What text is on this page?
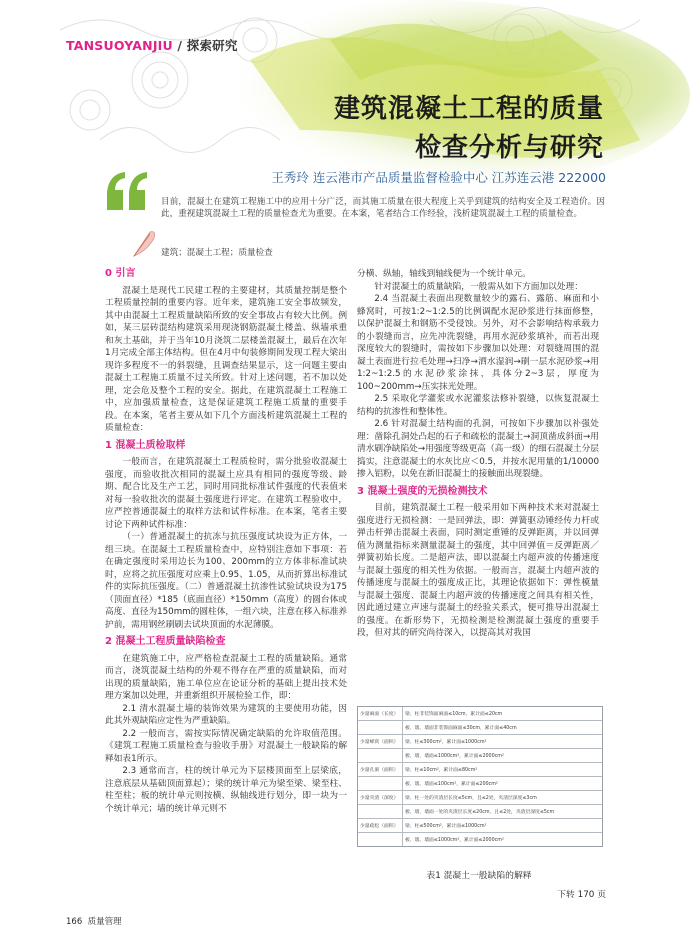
TANSUOYANJIU / 探索研究
建筑混凝土工程的质量
检查分析与研究
王秀玲 连云港市产品质量监督检验中心 江苏连云港 222000
目前，混凝土在建筑工程施工中的应用十分广泛，而其施工质量在很大程度上关乎到建筑的结构安全及工程造价。因此，重视建筑混凝土工程的质量检查尤为重要。在本案，笔者结合工作经验，浅析建筑混凝土工程的质量检查。
建筑；混凝土工程；质量检查
0 引言

混凝土是现代工民建工程的主要建材，其质量控制是整个工程质量控制的重要内容。近年来，建筑施工安全事故频发，其中由混凝土工程质量缺陷所致的安全事故占有较大比例。例如，某三层砖混结构建筑采用现浇钢筋混凝土楼盖、纵墙承重和灰土基础，并于当年10月浇筑二层楼盖混凝土，最后在次年1月完成全部主体结构。但在4月中旬装修期间发现工程大梁出现许多程度不一的斜裂缝，且调查结果显示，这一问题主要由混凝土工程施工质量不过关所致。针对上述问题，若不加以处理，定会危及整个工程的安全。据此，在建筑混凝土工程施工中，应加强质量检查，这是保证建筑工程施工质量的重要手段。在本案，笔者主要从如下几个方面浅析建筑混凝土工程的质量检查：

1 混凝土质检取样

一般而言，在建筑混凝土工程质检时，需分批验收混凝土强度，而验收批次相同的混凝土应具有相同的强度等级、龄期、配合比及生产工艺，同时用同批标准试件强度的代表值来对每一验收批次的混凝土强度进行评定。在建筑工程验收中，应严控普通混凝土的取样方法和试件标准。在本案，笔者主要讨论下两种试件标准：

（一）普通混凝土的抗冻与抗压强度试块设为正方体，一组三块。在混凝土工程质量检查中，应特别注意如下事项：若在确定强度时采用边长为100、200mm的立方体非标准试块时，应将之抗压强度对应乘上0.95、1.05，从而折算出标准试件的实际抗压强度。（二）普通混凝土抗渗性试验试块设为175（顶面直径）*185（底面直径）*150mm（高度）的圆台体或高度、直径为150mm的圆柱体，一组六块，注意在移入标准养护前，需用钢丝刷刷去试块顶面的水泥薄膜。

2 混凝土工程质量缺陷检查

在建筑施工中，应严格检查混凝土工程的质量缺陷。通常而言，浇筑混凝土结构的外观不得存在严重的质量缺陷，而对出现的质量缺陷，施工单位应在论证分析的基础上提出技术处理方案加以处理，并重新组织开展检验工作，即：

2.1 清水混凝土墙的装饰效果为建筑的主要使用功能，因此其外观缺陷应定性为严重缺陷。

2.2 一般而言，需按实际情况确定缺陷的允许取值范围。《建筑工程施工质量检查与验收手册》对混凝土一般缺陷的解释如表1所示。

2.3 通常而言，柱的统计单元为下层楼顶面至上层梁底，注意底层从基础顶面算起）；梁的统计单元为梁至梁、梁至柱、柱至柱；板的统计单元则按横、纵轴线进行划分，即一块为一个统计单元；墙的统计单元则不

分横、纵轴，轴线到轴线便为一个统计单元。

针对混凝土的质量缺陷，一般需从如下方面加以处理：

2.4 当混凝土表面出现数量较少的露石、露筋、麻面和小蜂窝时，可按1:2~1:2.5的比例调配水泥砂浆进行抹面修整，以保护混凝土和钢筋不受侵蚀。另外，对不会影响结构承载力的小裂缝而言，应先冲洗裂缝，再用水泥砂浆填补，而若出现深度较大的裂缝时，需按如下步骤加以处理：对裂缝周围的混凝土表面进行拉毛处理→扫净→洒水湿润→刷一层水泥砂浆→用1:2~1:2.5的水泥砂浆涂抹，具体分2~3层，厚度为100~200mm→压实抹光处理。

2.5 采取化学灌浆或水泥灌浆法修补裂缝，以恢复混凝土结构的抗渗性和整体性。

2.6 针对混凝土结构面的孔洞，可按如下步骤加以补强处理：凿除孔洞处凸起的石子和疏松的混凝土→洞顶凿成斜面→用清水刷净缺陷处→用强度等级更高（高一级）的细石混凝土分层捣实，注意混凝土的水灰比应＜0.5，并按水泥用量的1/10000掺入铝粉，以免在新旧混凝土的接触面出现裂缝。

3 混凝土强度的无损检测技术

目前，建筑混凝土工程一般采用如下两种技术来对混凝土强度进行无损检测：一是回弹法，即：弹簧驱动锤经传力杆或弹击杆弹击混凝土表面，同时测定重锤的反弹距离，并以回弹值为测量指标来测量混凝土的强度，其中回弹值＝反弹距离／弹簧初始长度。二是超声法，即以混凝土内超声波的传播速度与混凝土强度的相关性为依据。一般而言，混凝土内超声波的传播速度与混凝土的强度成正比，其理论依据如下：弹性模量与混凝土强度、混凝土内超声波的传播速度之间具有相关性，因此通过建立声速与混凝土的经验关系式，便可推导出混凝土的强度。在新形势下，无损检测是检测混凝土强度的重要手段，但对其的研究尚待深入，以提高其对我国

少量麻面（长度）	梁、柱非装饰面麻面≤10cm，累计面≤20cm
	板、墙，墙面非装饰面麻面≤30cm，累计面≤40cm
少量蜂窝（面积）	梁、柱≤300cm²，累计面≤1000cm²
	板、墙，墙面≤1000cm²，累计面≤2000cm²
少量孔洞（面积）	梁、柱≤10cm²，累计面≤80cm²
	板、墙，墙面≤100cm²，累计面≤200cm²
少量夹渣（深度）	梁、柱一处的夹渣层长度≤5cm，且≤2处，夹渣层深度≤3cm
	板、墙，墙面一处的夹渣层长度≤20cm，且≤2处，夹渣层深度≤5cm
少量疏松（面积）	梁、柱≤500cm²，累计面≤1000cm²
	板、墙，墙面≤1000cm²，累计面≤2000cm²
表1 混凝土一般缺陷的解释
下转 170 页
166 质量管理
